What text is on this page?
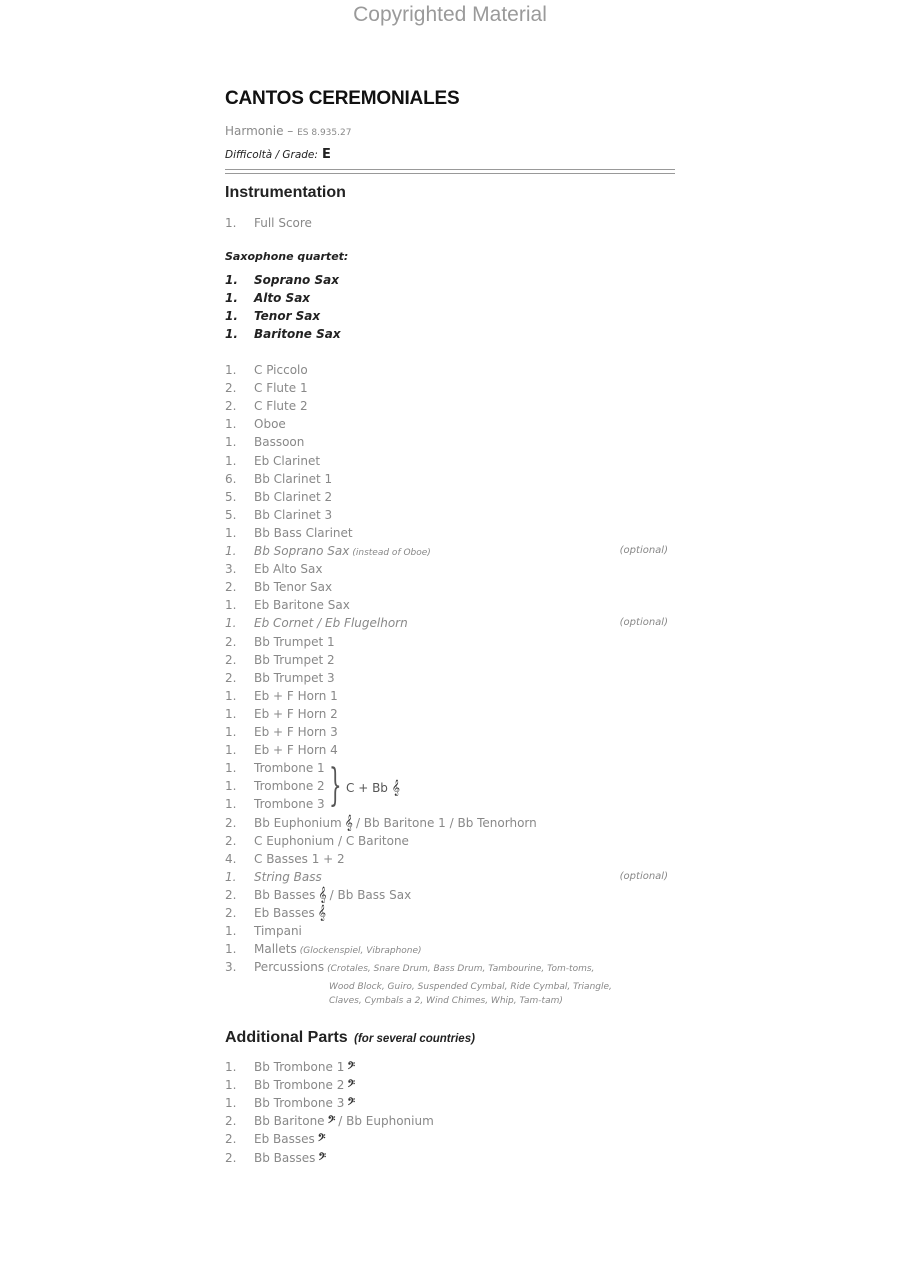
Copyrighted Material
CANTOS CEREMONIALES
Harmonie – ES 8.935.27
Difficoltà / Grade: E
Instrumentation
1. Full Score
Saxophone quartet:
1. Soprano Sax
1. Alto Sax
1. Tenor Sax
1. Baritone Sax
1. C Piccolo
2. C Flute 1
2. C Flute 2
1. Oboe
1. Bassoon
1. Eb Clarinet
6. Bb Clarinet 1
5. Bb Clarinet 2
5. Bb Clarinet 3
1. Bb Bass Clarinet
1. Bb Soprano Sax (instead of Oboe)	(optional)
3. Eb Alto Sax
2. Bb Tenor Sax
1. Eb Baritone Sax
1. Eb Cornet / Eb Flugelhorn	(optional)
2. Bb Trumpet 1
2. Bb Trumpet 2
2. Bb Trumpet 3
1. Eb + F Horn 1
1. Eb + F Horn 2
1. Eb + F Horn 3
1. Eb + F Horn 4
1. Trombone 1
1. Trombone 2
1. Trombone 3
2. Bb Euphonium 𝄞 / Bb Baritone 1 / Bb Tenorhorn
2. C Euphonium / C Baritone
4. C Basses 1 + 2
1. String Bass	(optional)
2. Bb Basses 𝄞 / Bb Bass Sax
2. Eb Basses 𝄞
1. Timpani
1. Mallets (Glockenspiel, Vibraphone)
3. Percussions (Crotales, Snare Drum, Bass Drum, Tambourine, Tom-toms,
} C + Bb 𝄞
Wood Block, Guiro, Suspended Cymbal, Ride Cymbal, Triangle,
Claves, Cymbals a 2, Wind Chimes, Whip, Tam-tam)
Additional Parts (for several countries)
1. Bb Trombone 1 𝄢
1. Bb Trombone 2 𝄢
1. Bb Trombone 3 𝄢
2. Bb Baritone 𝄢 / Bb Euphonium
2. Eb Basses 𝄢
2. Bb Basses 𝄢
